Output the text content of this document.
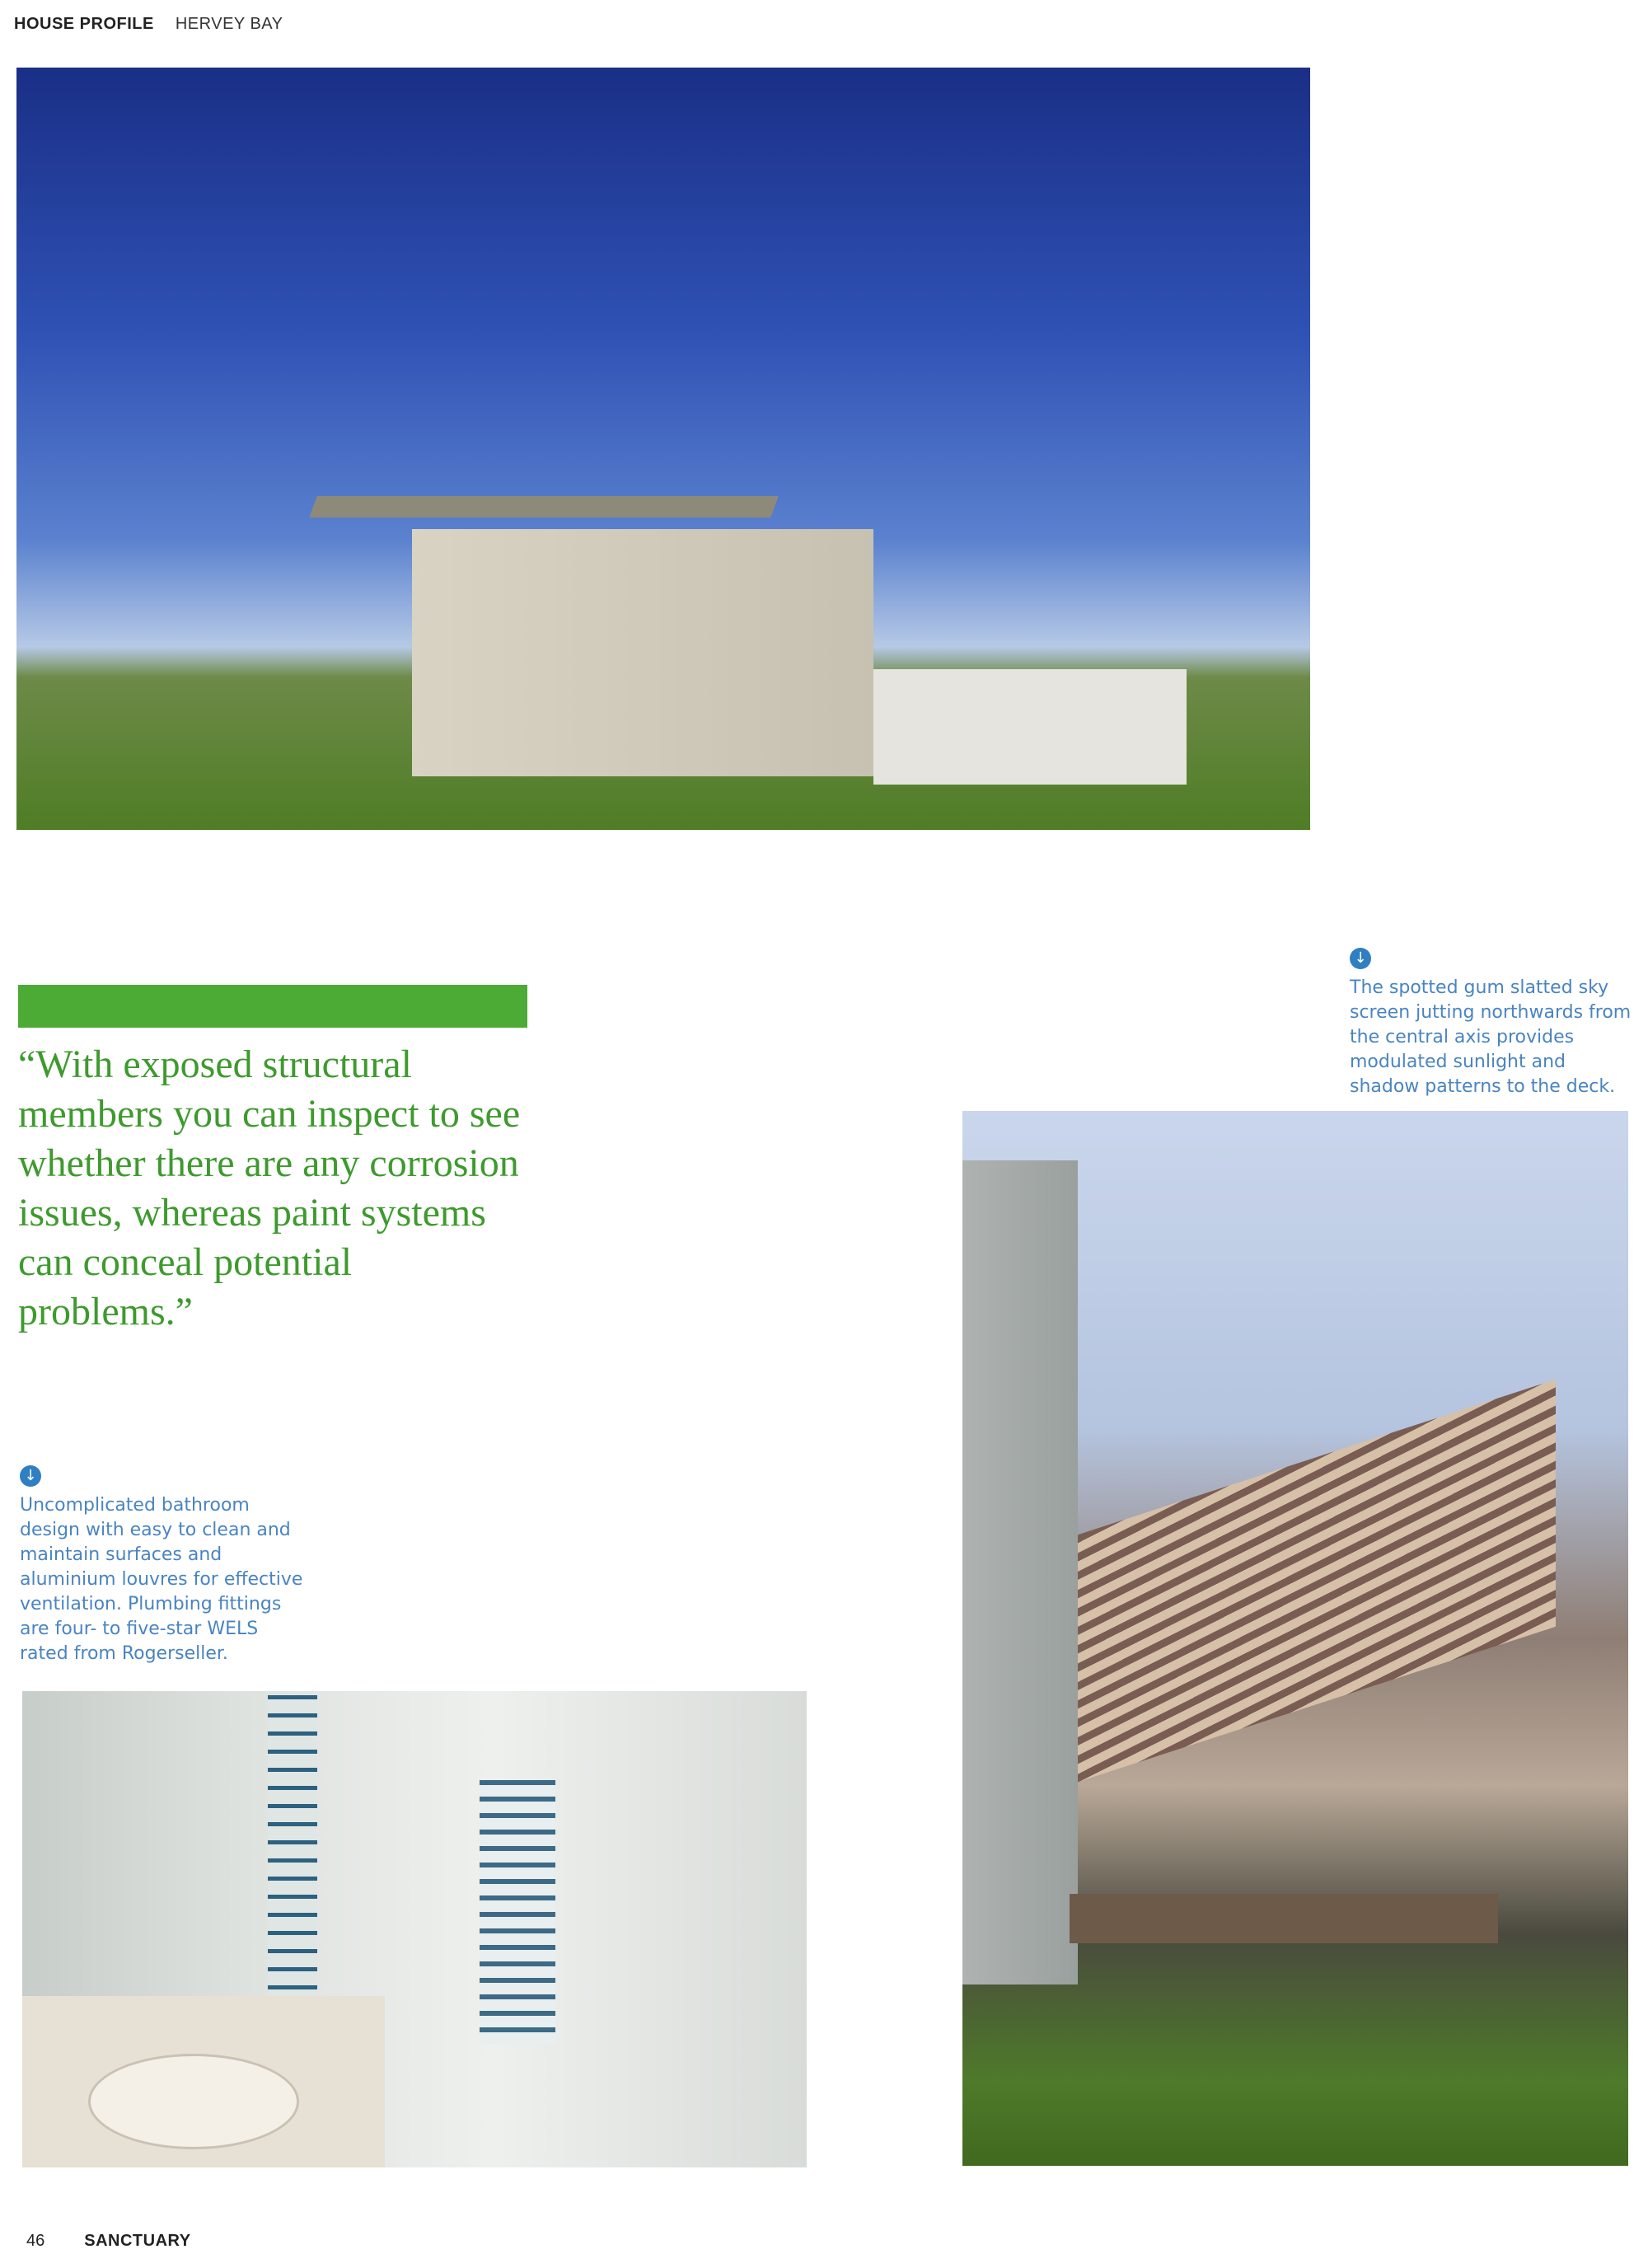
HOUSE PROFILE HERVEY BAY
“With exposed structural members you can inspect to see whether there are any corrosion issues, whereas paint systems can conceal potential problems.”
↓
The spotted gum slatted sky screen jutting northwards from the central axis provides modulated sunlight and shadow patterns to the deck.
↓
Uncomplicated bathroom design with easy to clean and maintain surfaces and aluminium louvres for effective ventilation. Plumbing fittings are four- to five-star WELS rated from Rogerseller.
46 SANCTUARY
